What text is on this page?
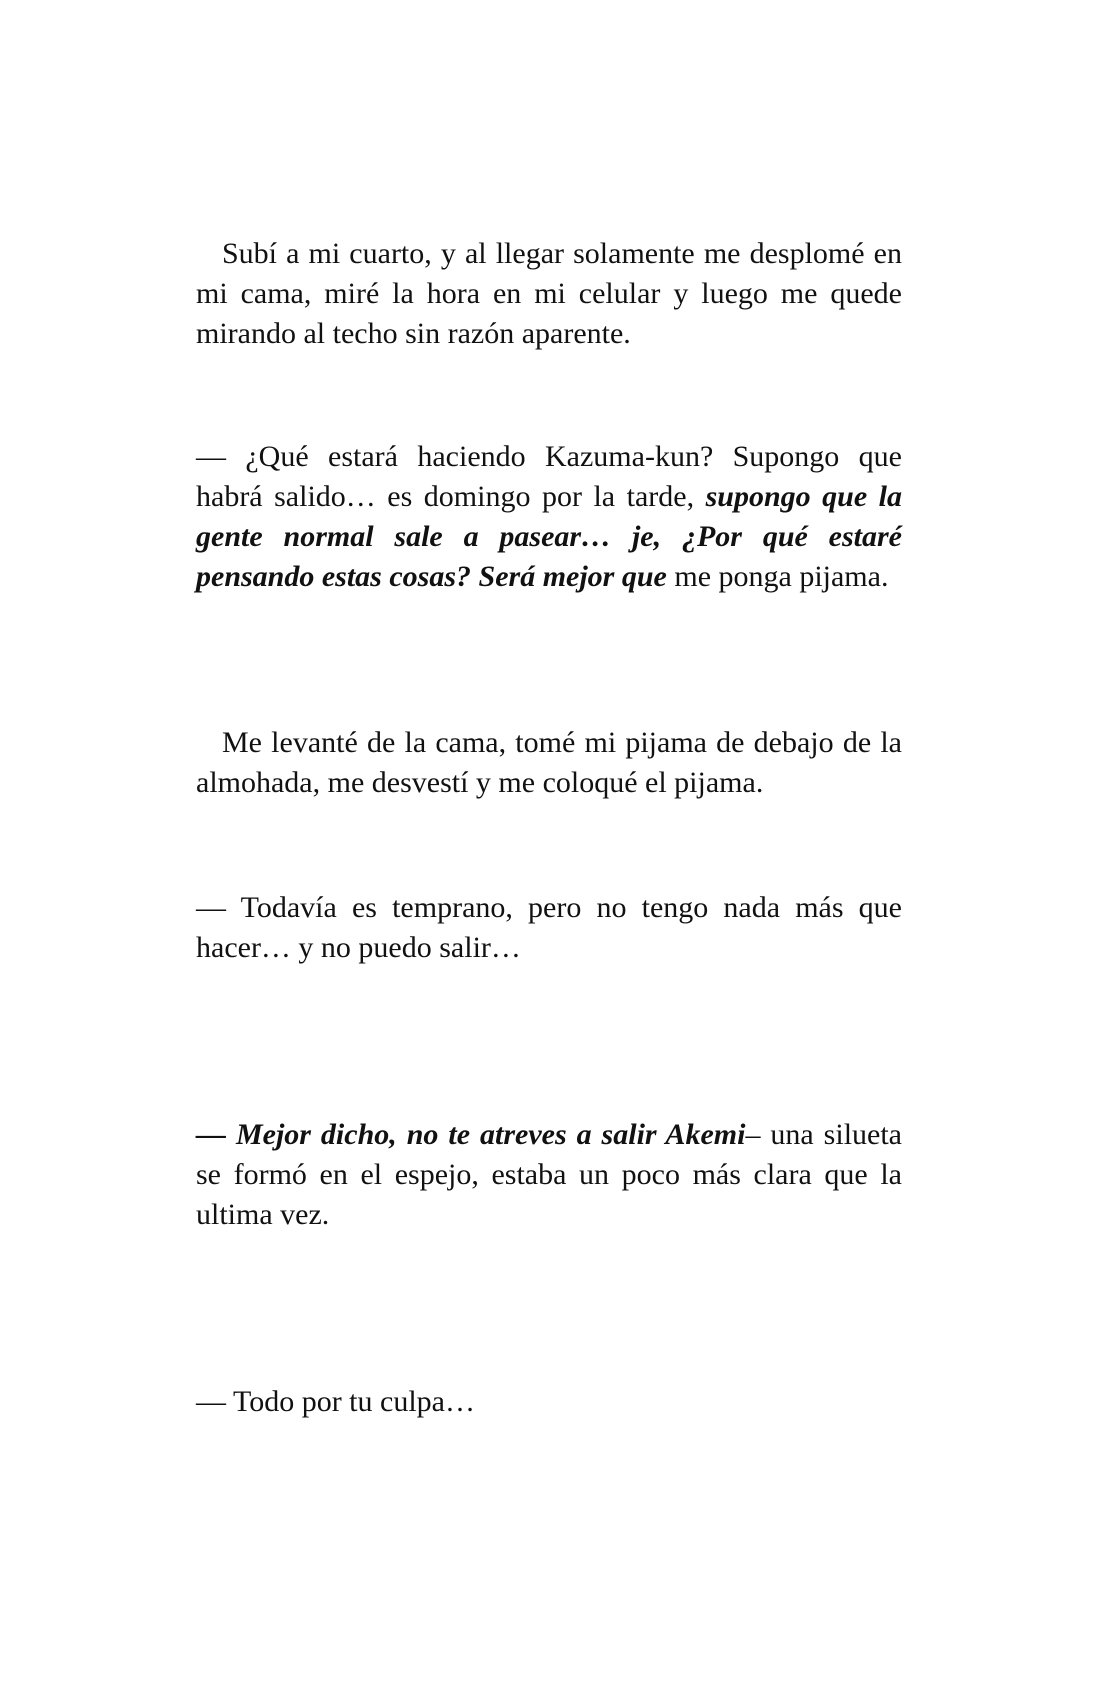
Subí a mi cuarto, y al llegar solamente me desplomé en mi cama, miré la hora en mi celular y luego me quede mirando al techo sin razón aparente.

— ¿Qué estará haciendo Kazuma-kun? Supongo que habrá salido… es domingo por la tarde, supongo que la gente normal sale a pasear… je, ¿Por qué estaré pensando estas cosas? Será mejor que me ponga pijama.

Me levanté de la cama, tomé mi pijama de debajo de la almohada, me desvestí y me coloqué el pijama.

— Todavía es temprano, pero no tengo nada más que hacer… y no puedo salir…

— Mejor dicho, no te atreves a salir Akemi– una silueta se formó en el espejo, estaba un poco más clara que la ultima vez.

— Todo por tu culpa…
